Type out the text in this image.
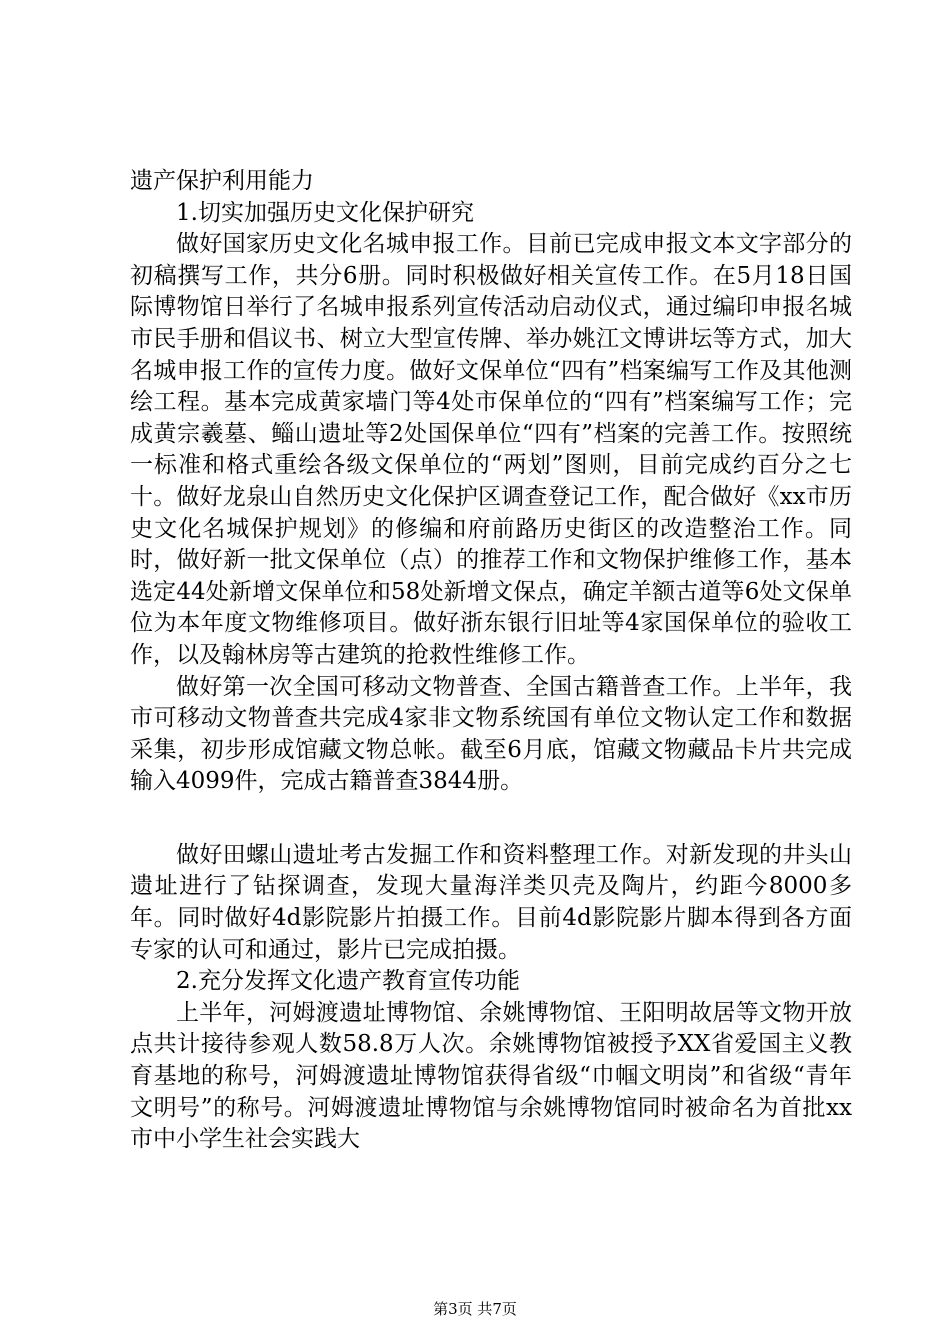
遗产保护利用能力

1.切实加强历史文化保护研究

做好国家历史文化名城申报工作。目前已完成申报文本文字部分的初稿撰写工作，共分6册。同时积极做好相关宣传工作。在5月18日国际博物馆日举行了名城申报系列宣传活动启动仪式，通过编印申报名城市民手册和倡议书、树立大型宣传牌、举办姚江文博讲坛等方式，加大名城申报工作的宣传力度。做好文保单位“四有”档案编写工作及其他测绘工程。基本完成黄家墙门等4处市保单位的“四有”档案编写工作；完成黄宗羲墓、鲻山遗址等2处国保单位“四有”档案的完善工作。按照统一标准和格式重绘各级文保单位的“两划”图则，目前完成约百分之七十。做好龙泉山自然历史文化保护区调查登记工作，配合做好《xx市历史文化名城保护规划》的修编和府前路历史街区的改造整治工作。同时，做好新一批文保单位（点）的推荐工作和文物保护维修工作，基本选定44处新增文保单位和58处新增文保点，确定羊额古道等6处文保单位为本年度文物维修项目。做好浙东银行旧址等4家国保单位的验收工作，以及翰林房等古建筑的抢救性维修工作。

做好第一次全国可移动文物普查、全国古籍普查工作。上半年，我市可移动文物普查共完成4家非文物系统国有单位文物认定工作和数据采集，初步形成馆藏文物总帐。截至6月底，馆藏文物藏品卡片共完成输入4099件，完成古籍普查3844册。

做好田螺山遗址考古发掘工作和资料整理工作。对新发现的井头山遗址进行了钻探调查，发现大量海洋类贝壳及陶片，约距今8000多年。同时做好4d影院影片拍摄工作。目前4d影院影片脚本得到各方面专家的认可和通过，影片已完成拍摄。

2.充分发挥文化遗产教育宣传功能

上半年，河姆渡遗址博物馆、余姚博物馆、王阳明故居等文物开放点共计接待参观人数58.8万人次。余姚博物馆被授予XX省爱国主义教育基地的称号，河姆渡遗址博物馆获得省级“巾帼文明岗”和省级“青年文明号”的称号。河姆渡遗址博物馆与余姚博物馆同时被命名为首批xx市中小学生社会实践大

第3页 共7页
